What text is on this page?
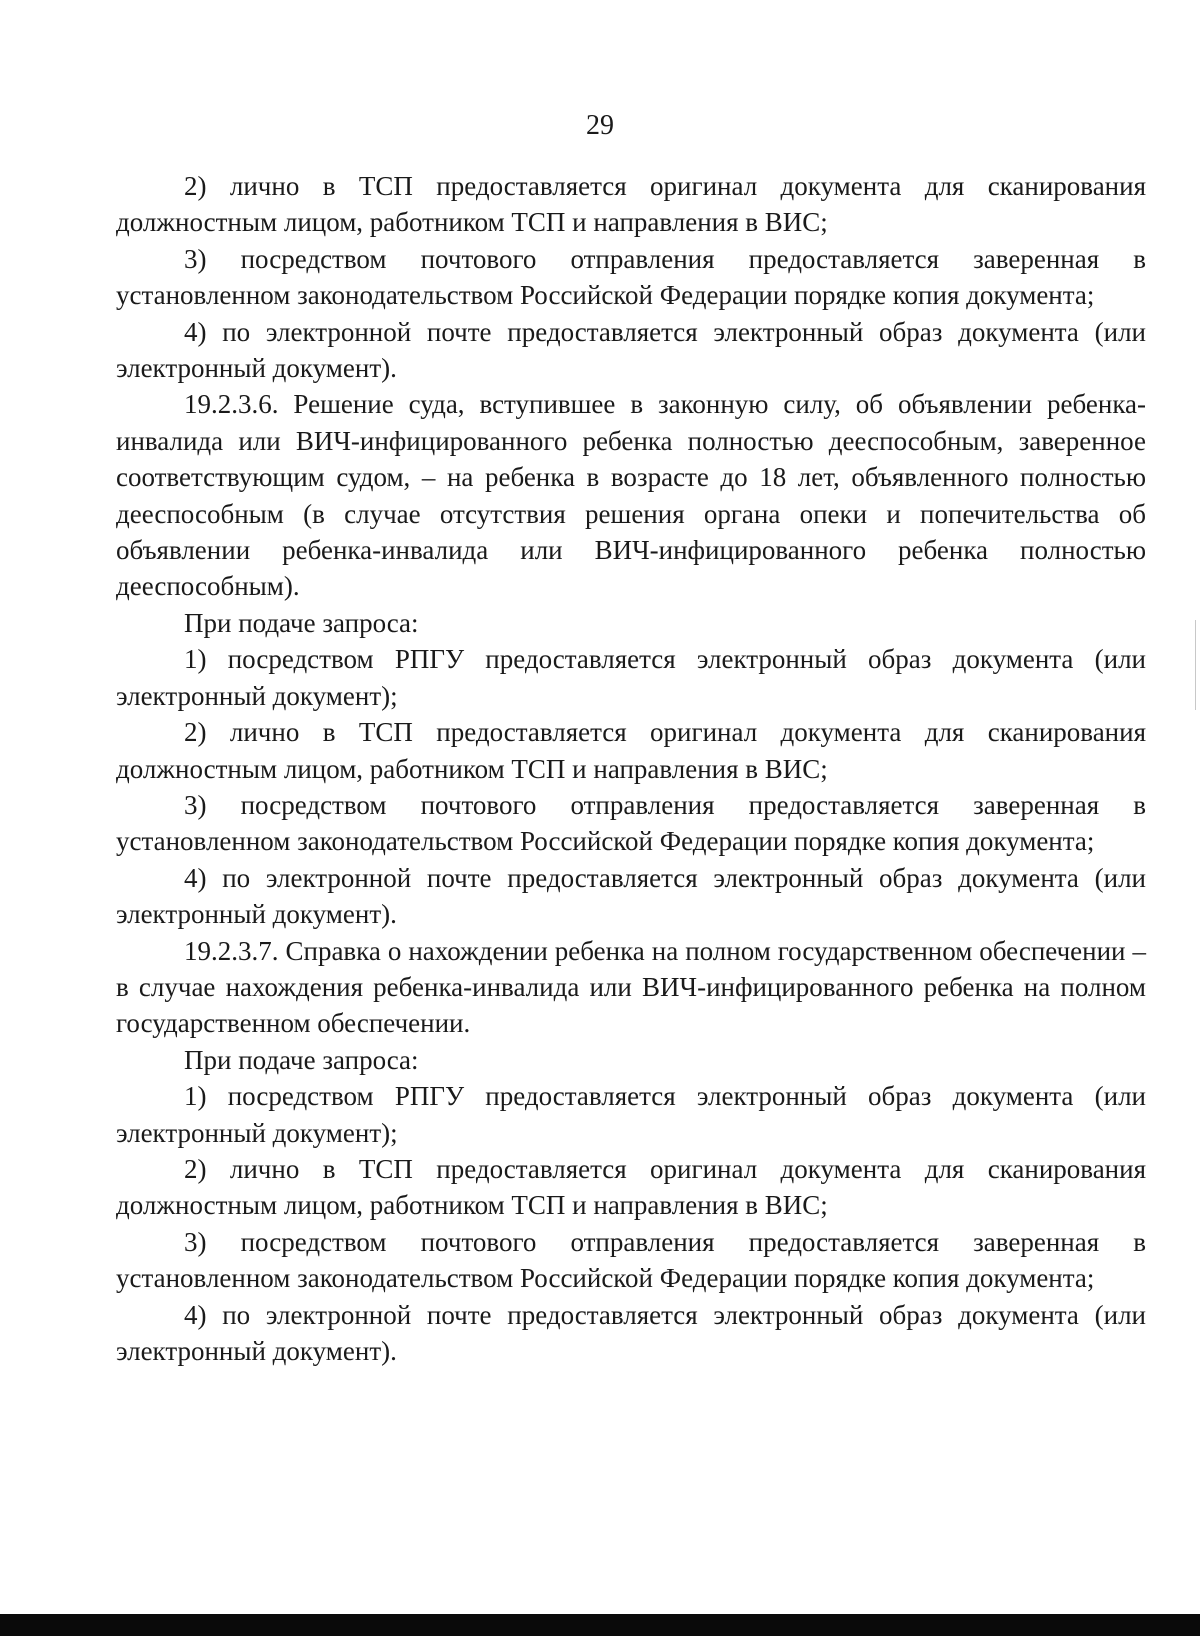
29

2) лично в ТСП предоставляется оригинал документа для сканирования должностным лицом, работником ТСП и направления в ВИС;

3) посредством почтового отправления предоставляется заверенная в установленном законодательством Российской Федерации порядке копия документа;

4) по электронной почте предоставляется электронный образ документа (или электронный документ).

19.2.3.6. Решение суда, вступившее в законную силу, об объявлении ребенка-инвалида или ВИЧ-инфицированного ребенка полностью дееспособным, заверенное соответствующим судом, – на ребенка в возрасте до 18 лет, объявленного полностью дееспособным (в случае отсутствия решения органа опеки и попечительства об объявлении ребенка-инвалида или ВИЧ-инфицированного ребенка полностью дееспособным).

При подаче запроса:

1) посредством РПГУ предоставляется электронный образ документа (или электронный документ);

2) лично в ТСП предоставляется оригинал документа для сканирования должностным лицом, работником ТСП и направления в ВИС;

3) посредством почтового отправления предоставляется заверенная в установленном законодательством Российской Федерации порядке копия документа;

4) по электронной почте предоставляется электронный образ документа (или электронный документ).

19.2.3.7. Справка о нахождении ребенка на полном государственном обеспечении – в случае нахождения ребенка-инвалида или ВИЧ-инфицированного ребенка на полном государственном обеспечении.

При подаче запроса:

1) посредством РПГУ предоставляется электронный образ документа (или электронный документ);

2) лично в ТСП предоставляется оригинал документа для сканирования должностным лицом, работником ТСП и направления в ВИС;

3) посредством почтового отправления предоставляется заверенная в установленном законодательством Российской Федерации порядке копия документа;

4) по электронной почте предоставляется электронный образ документа (или электронный документ).
